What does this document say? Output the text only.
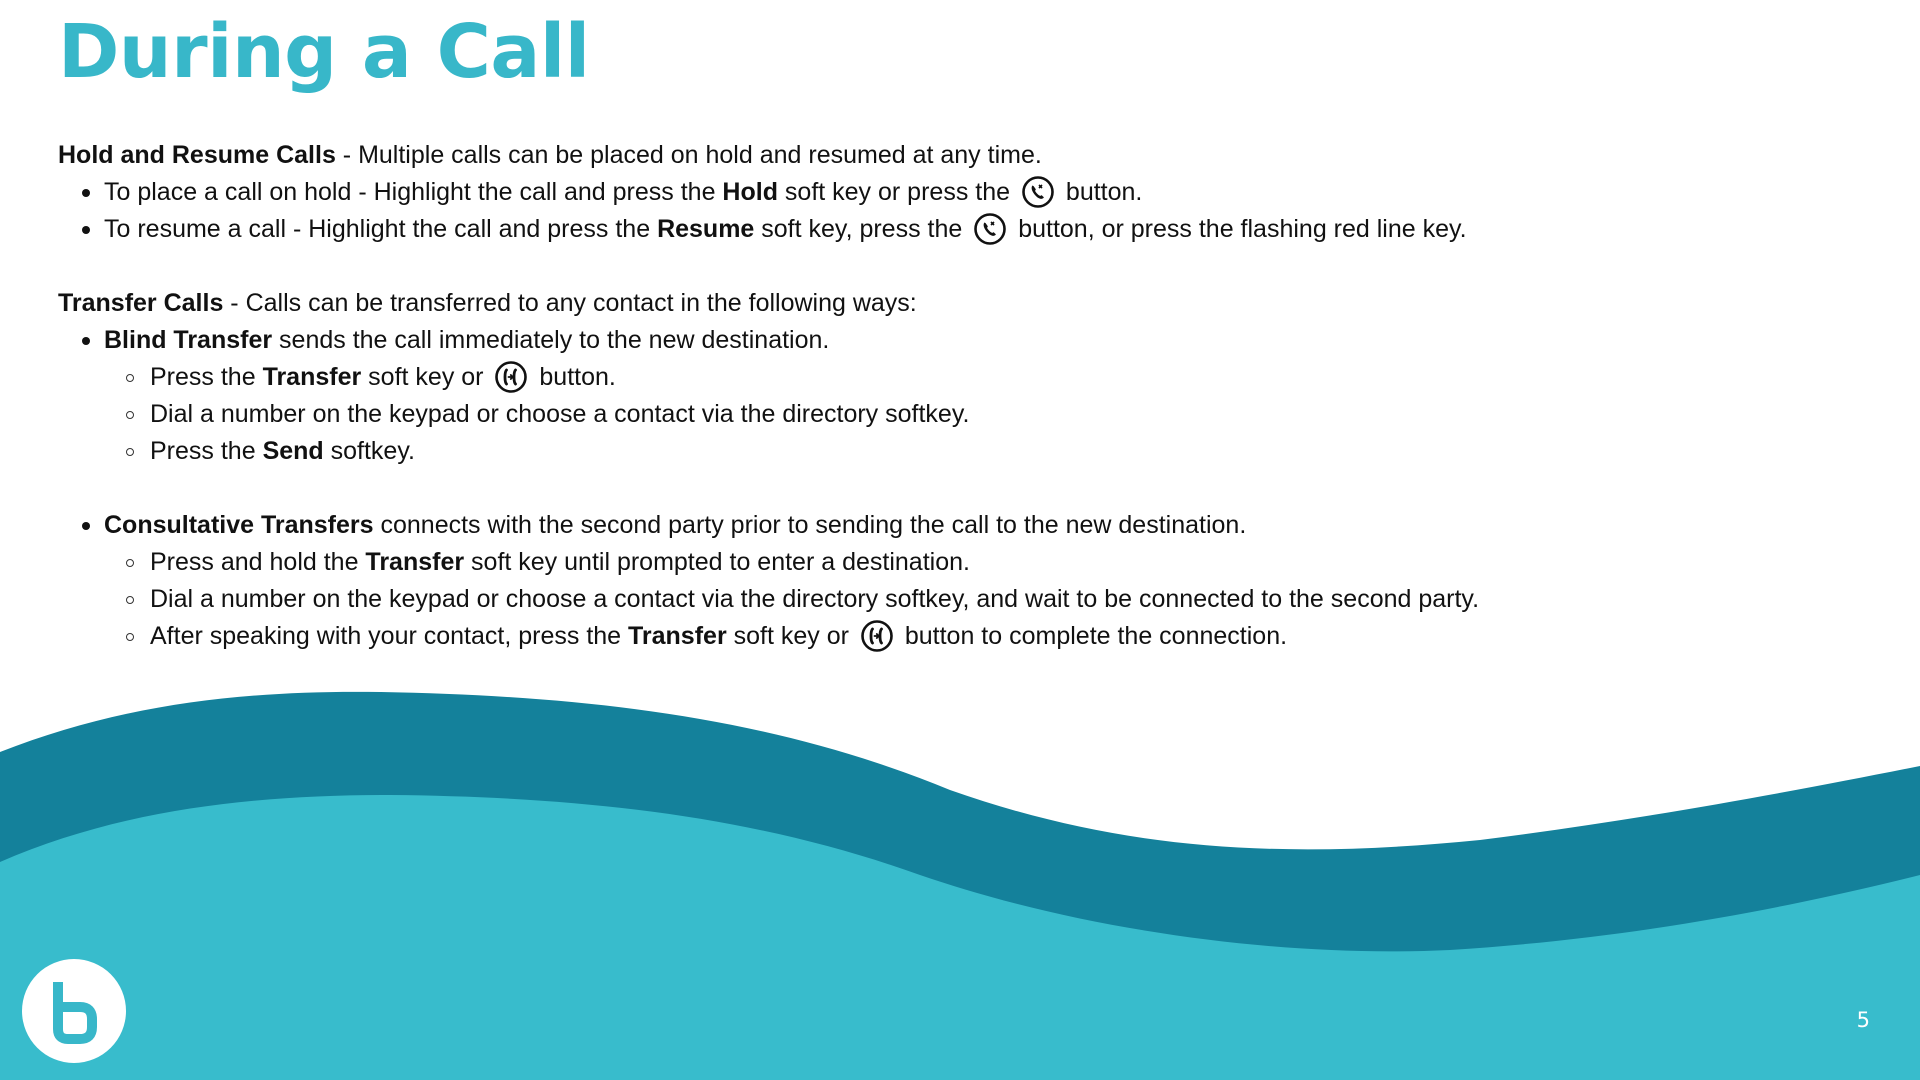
During a Call
Hold and Resume Calls - Multiple calls can be placed on hold and resumed at any time.
To place a call on hold - Highlight the call and press the Hold soft key or press the
button.
To resume a call - Highlight the call and press the Resume soft key, press the
button, or press the flashing red line key.
Transfer Calls - Calls can be transferred to any contact in the following ways:
Blind Transfer sends the call immediately to the new destination.
Press the Transfer soft key or
button.
Dial a number on the keypad or choose a contact via the directory softkey.
Press the Send softkey.
Consultative Transfers connects with the second party prior to sending the call to the new destination.
Press and hold the Transfer soft key until prompted to enter a destination.
Dial a number on the keypad or choose a contact via the directory softkey, and wait to be connected to the second party.
After speaking with your contact, press the Transfer soft key or
button to complete the connection.
5
